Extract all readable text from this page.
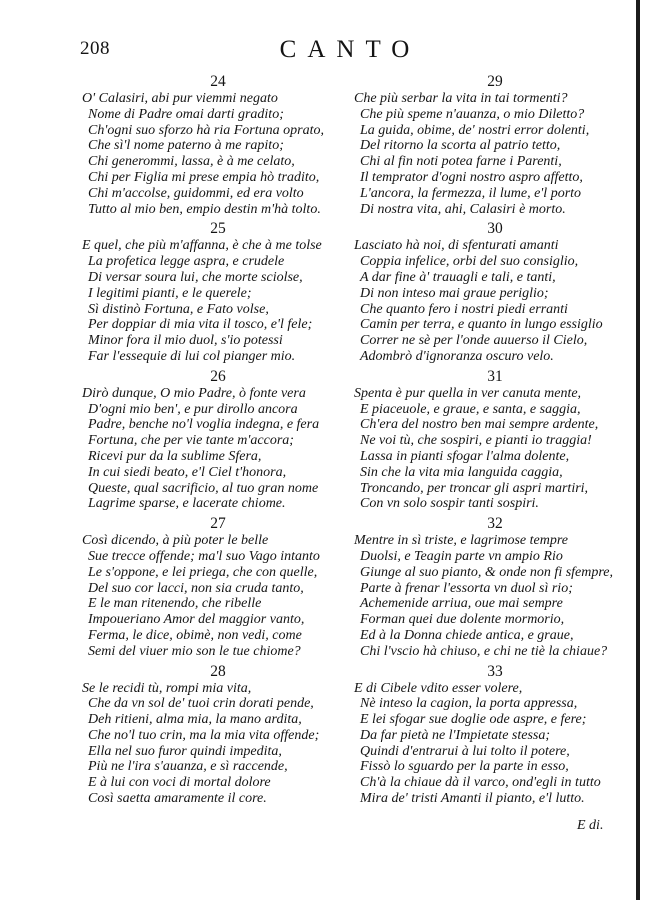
208	CANTO
24
O' Calasiri, abi pur viemmi negato
Nome di Padre omai darti gradito;
Ch'ogni suo sforzo hà ria Fortuna oprato,
Che sì'l nome paterno à me rapito;
Chi generommi, lassa, è à me celato,
Chi per Figlia mi prese empia hò tradito,
Chi m'accolse, guidommi, ed era volto
Tutto al mio ben, empio destin m'hà tolto.
25
E quel, che più m'affanna, è che à me tolse
La profetica legge aspra, e crudele
Di versar soura lui, che morte sciolse,
I legitimi pianti, e le querele;
Sì distinò Fortuna, e Fato volse,
Per doppiar di mia vita il tosco, e'l fele;
Minor fora il mio duol, s'io potessi
Far l'essequie di lui col pianger mio.
26
Dirò dunque, O mio Padre, ò fonte vera
D'ogni mio ben', e pur dirollo ancora
Padre, benche no'l voglia indegna, e fera
Fortuna, che per vie tante m'accora;
Ricevi pur da la sublime Sfera,
In cui siedi beato, e'l Ciel t'honora,
Queste, qual sacrificio, al tuo gran nome
Lagrime sparse, e lacerate chiome.
27
Così dicendo, à più poter le belle
Sue trecce offende; ma'l suo Vago intanto
Le s'oppone, e lei priega, che con quelle,
Del suo cor lacci, non sia cruda tanto,
E le man ritenendo, che ribelle
Impoueriano Amor del maggior vanto,
Ferma, le dice, obimè, non vedi, come
Semi del viuer mio son le tue chiome?
28
Se le recidi tù, rompi mia vita,
Che da vn sol de' tuoi crin dorati pende,
Deh ritieni, alma mia, la mano ardita,
Che no'l tuo crin, ma la mia vita offende;
Ella nel suo furor quindi impedita,
Più ne l'ira s'auanza, e sì raccende,
E à lui con voci di mortal dolore
Così saetta amaramente il core.
29
Che più serbar la vita in tai tormenti?
Che più speme n'auanza, o mio Diletto?
La guida, obime, de' nostri error dolenti,
Del ritorno la scorta al patrio tetto,
Chi al fin noti potea farne i Parenti,
Il temprator d'ogni nostro aspro affetto,
L'ancora, la fermezza, il lume, e'l porto
Di nostra vita, ahi, Calasiri è morto.
30
Lasciato hà noi, di sfenturati amanti
Coppia infelice, orbi del suo consiglio,
A dar fine à' trauagli e tali, e tanti,
Di non inteso mai graue periglio;
Che quanto fero i nostri piedi erranti
Camin per terra, e quanto in lungo essiglio
Correr ne sè per l'onde auuerso il Cielo,
Adombrò d'ignoranza oscuro velo.
31
Spenta è pur quella in ver canuta mente,
E piaceuole, e graue, e santa, e saggia,
Ch'era del nostro ben mai sempre ardente,
Ne voi tù, che sospiri, e pianti io traggia!
Lassa in pianti sfogar l'alma dolente,
Sin che la vita mia languida caggia,
Troncando, per troncar gli aspri martiri,
Con vn solo sospir tanti sospiri.
32
Mentre in sì triste, e lagrimose tempre
Duolsi, e Teagin parte vn ampio Rio
Giunge al suo pianto, & onde non fi sfempre,
Parte à frenar l'essorta vn duol sì rio;
Achemenide arriua, oue mai sempre
Forman quei due dolente mormorio,
Ed à la Donna chiede antica, e graue,
Chi l'vscio hà chiuso, e chi ne tiè la chiaue?
33
E di Cibele vdito esser volere,
Nè inteso la cagion, la porta appressa,
E lei sfogar sue doglie ode aspre, e fere;
Da far pietà ne l'Impietate stessa;
Quindi d'entrarui à lui tolto il potere,
Fissò lo sguardo per la parte in esso,
Ch'à la chiaue dà il varco, ond'egli in tutto
Mira de' tristi Amanti il pianto, e'l lutto.
E di.
